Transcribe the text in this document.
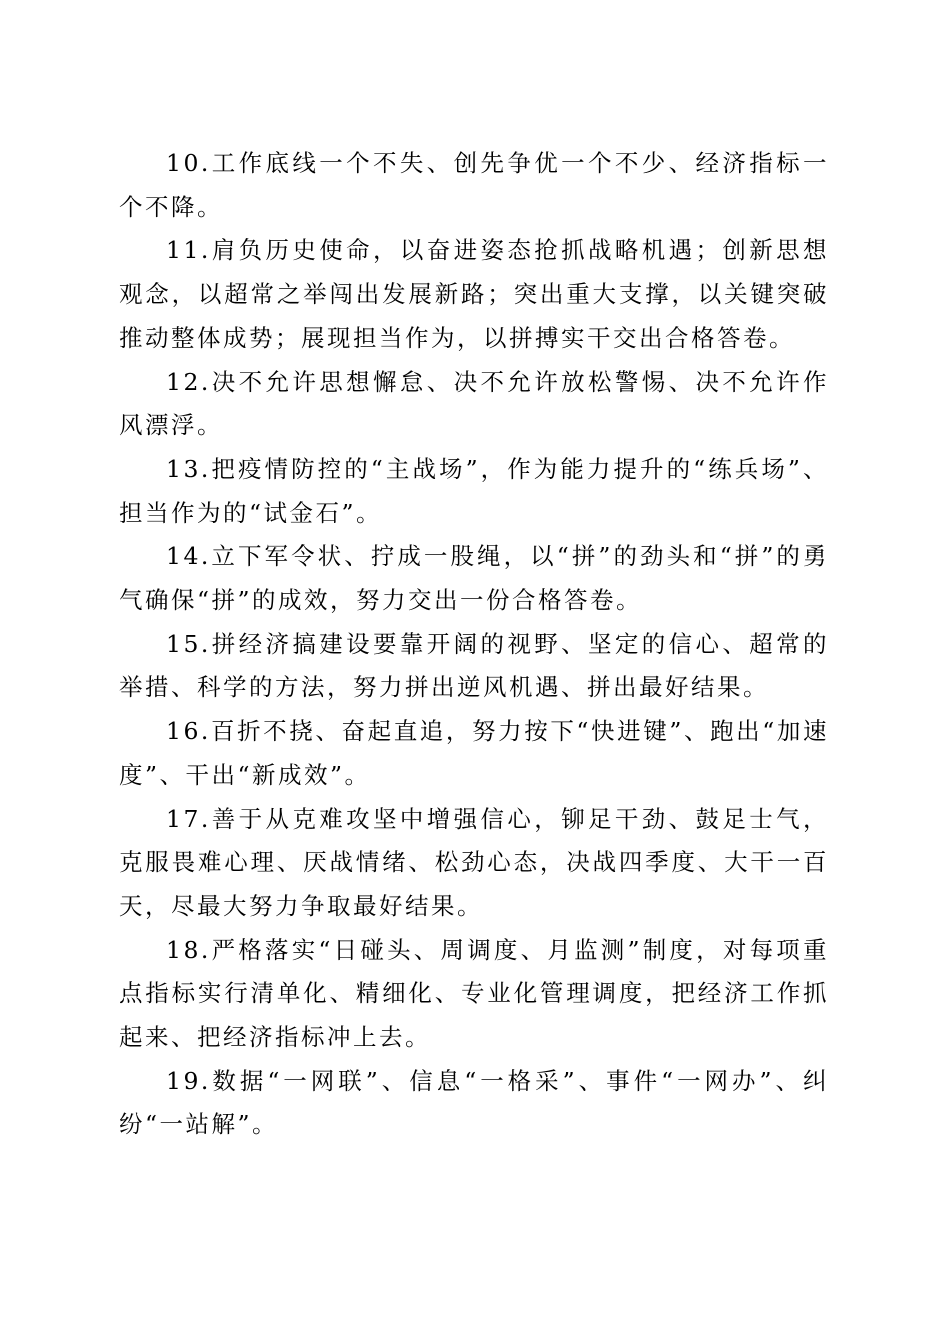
10.工作底线一个不失、创先争优一个不少、经济指标一个不降。

11.肩负历史使命，以奋进姿态抢抓战略机遇；创新思想观念，以超常之举闯出发展新路；突出重大支撑，以关键突破推动整体成势；展现担当作为，以拼搏实干交出合格答卷。

12.决不允许思想懈怠、决不允许放松警惕、决不允许作风漂浮。

13.把疫情防控的“主战场”，作为能力提升的“练兵场”、担当作为的“试金石”。

14.立下军令状、拧成一股绳，以“拼”的劲头和“拼”的勇气确保“拼”的成效，努力交出一份合格答卷。

15.拼经济搞建设要靠开阔的视野、坚定的信心、超常的举措、科学的方法，努力拼出逆风机遇、拼出最好结果。

16.百折不挠、奋起直追，努力按下“快进键”、跑出“加速度”、干出“新成效”。

17.善于从克难攻坚中增强信心，铆足干劲、鼓足士气，克服畏难心理、厌战情绪、松劲心态，决战四季度、大干一百天，尽最大努力争取最好结果。

18.严格落实“日碰头、周调度、月监测”制度，对每项重点指标实行清单化、精细化、专业化管理调度，把经济工作抓起来、把经济指标冲上去。

19.数据“一网联”、信息“一格采”、事件“一网办”、纠纷“一站解”。
